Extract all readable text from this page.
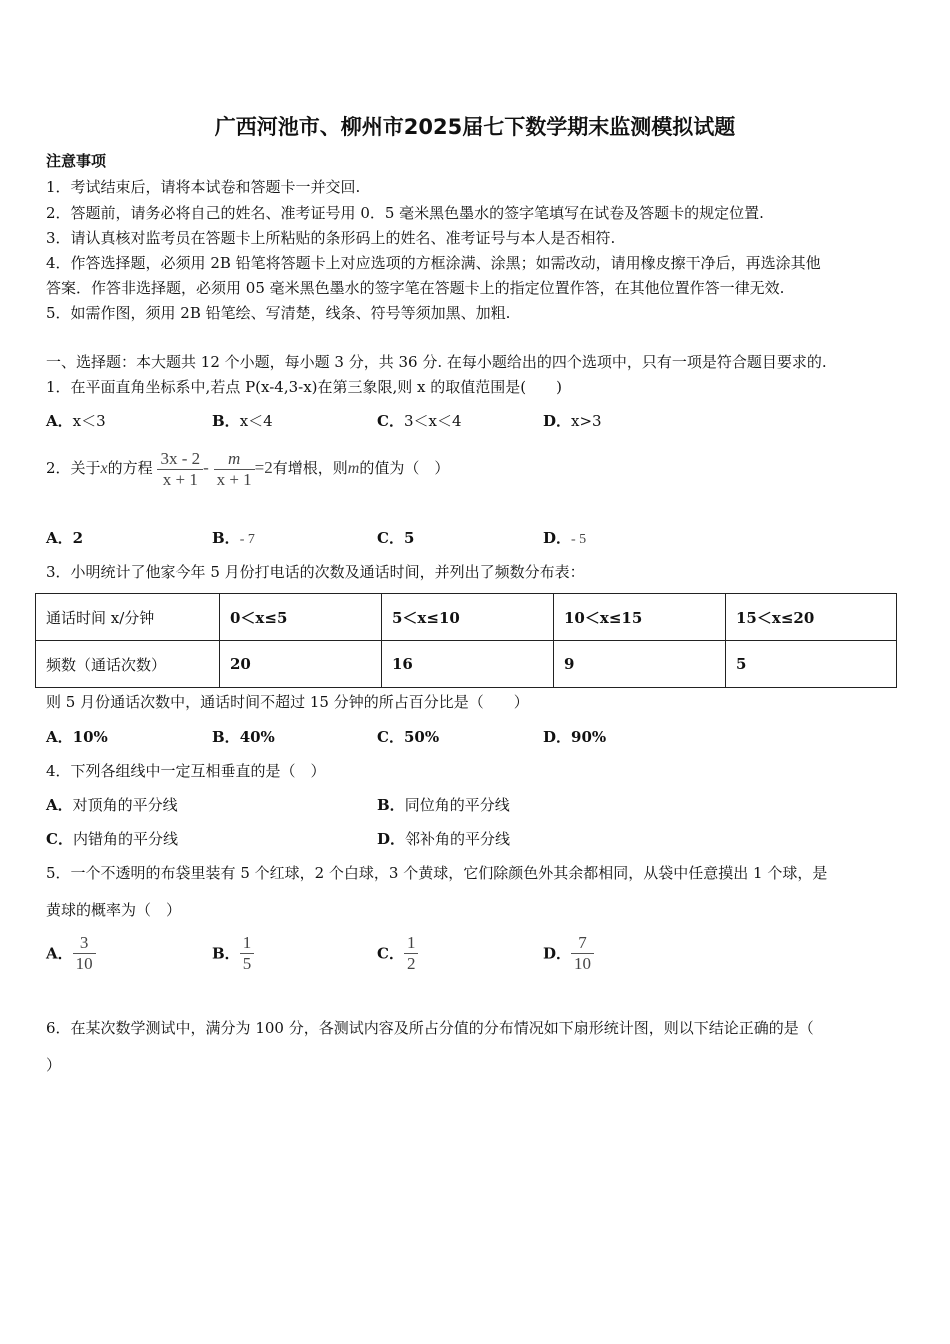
广西河池市、柳州市2025届七下数学期末监测模拟试题
注意事项
1．考试结束后，请将本试卷和答题卡一并交回.
2．答题前，请务必将自己的姓名、准考证号用 0．5 毫米黑色墨水的签字笔填写在试卷及答题卡的规定位置.
3．请认真核对监考员在答题卡上所粘贴的条形码上的姓名、准考证号与本人是否相符.
4．作答选择题，必须用 2B 铅笔将答题卡上对应选项的方框涂满、涂黑；如需改动，请用橡皮擦干净后，再选涂其他
答案．作答非选择题，必须用 05 毫米黑色墨水的签字笔在答题卡上的指定位置作答，在其他位置作答一律无效.
5．如需作图，须用 2B 铅笔绘、写清楚，线条、符号等须加黑、加粗.
一、选择题：本大题共 12 个小题，每小题 3 分，共 36 分. 在每小题给出的四个选项中，只有一项是符合题目要求的.
1．在平面直角坐标系中,若点 P(x-4,3-x)在第三象限,则 x 的取值范围是(　　)
A．x＜3	B．x＜4	C．3＜x＜4	D．x>3
2．关于x的方程 $\frac{3x - 2}{x + 1} - \frac{m}{x + 1} =2$有增根，则m的值为（　）
A．2	B．- 7	C．5	D．- 5
3．小明统计了他家今年 5 月份打电话的次数及通话时间，并列出了频数分布表：
通话时间 x/分钟	0＜x≤5	5＜x≤10	10＜x≤15	15＜x≤20
频数（通话次数）	20	16	9	5
则 5 月份通话次数中，通话时间不超过 15 分钟的所占百分比是（　　）
A．10%	B．40%	C．50%	D．90%
4．下列各组线中一定互相垂直的是（　）
A．对顶角的平分线	B．同位角的平分线
C．内错角的平分线	D．邻补角的平分线
5．一个不透明的布袋里装有 5 个红球，2 个白球，3 个黄球，它们除颜色外其余都相同，从袋中任意摸出 1 个球，是
黄球的概率为（　）
A． $\frac{3}{10}$	B． $\frac{1}{5}$	C． $\frac{1}{2}$	D． $\frac{7}{10}$
6．在某次数学测试中，满分为 100 分，各测试内容及所占分值的分布情况如下扇形统计图，则以下结论正确的是（
）
